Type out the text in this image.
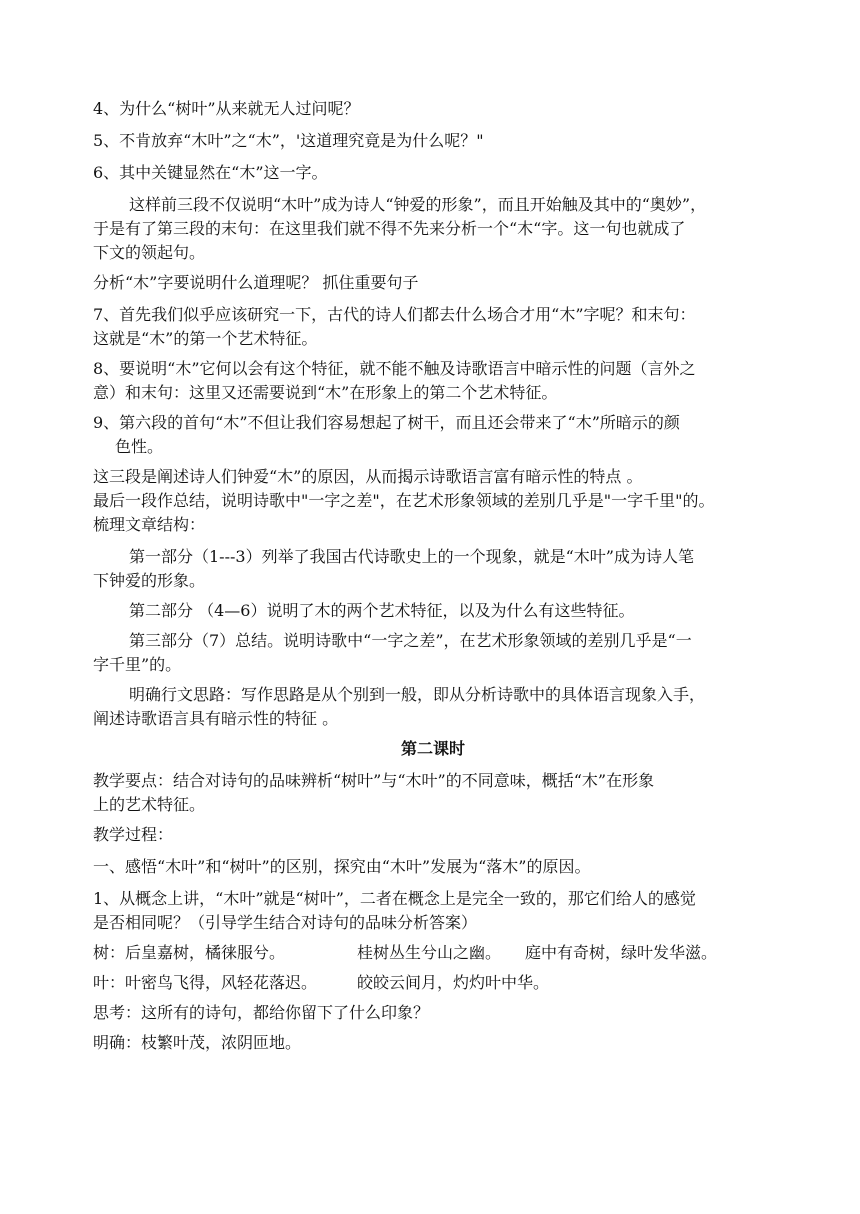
4、为什么“树叶”从来就无人过问呢？

5、不肯放弃“木叶”之“木”，'这道理究竟是为什么呢？"

6、其中关键显然在“木”这一字。

这样前三段不仅说明“木叶”成为诗人“钟爱的形象”，而且开始触及其中的“奥妙”，

于是有了第三段的末句：在这里我们就不得不先来分析一个“木“字。这一句也就成了

下文的领起句。

分析“木”字要说明什么道理呢？ 抓住重要句子

7、首先我们似乎应该研究一下，古代的诗人们都去什么场合才用“木”字呢？和末句：

这就是“木”的第一个艺术特征。

8、要说明“木”它何以会有这个特征，就不能不触及诗歌语言中暗示性的问题（言外之

意）和末句：这里又还需要说到“木”在形象上的第二个艺术特征。

9、第六段的首句“木”不但让我们容易想起了树干，而且还会带来了“木”所暗示的颜

色性。

这三段是阐述诗人们钟爱“木”的原因，从而揭示诗歌语言富有暗示性的特点 。

最后一段作总结，说明诗歌中"一字之差"，在艺术形象领域的差别几乎是"一字千里"的。

梳理文章结构：

第一部分（1---3）列举了我国古代诗歌史上的一个现象，就是“木叶”成为诗人笔

下钟爱的形象。

第二部分 （4—6）说明了木的两个艺术特征，以及为什么有这些特征。

第三部分（7）总结。说明诗歌中“一字之差”，在艺术形象领域的差别几乎是“一

字千里”的。

明确行文思路：写作思路是从个别到一般，即从分析诗歌中的具体语言现象入手，

阐述诗歌语言具有暗示性的特征 。

第二课时

教学要点：结合对诗句的品味辨析“树叶”与“木叶”的不同意味，概括“木”在形象

上的艺术特征。

教学过程：

一、感悟“木叶”和“树叶”的区别，探究由“木叶”发展为“落木”的原因。

1、从概念上讲，“木叶”就是“树叶”，二者在概念上是完全一致的，那它们给人的感觉

是否相同呢？（引导学生结合对诗句的品味分析答案）

树：后皇嘉树，橘徕服兮。　　　　　桂树丛生兮山之幽。　　庭中有奇树，绿叶发华滋。

叶：叶密鸟飞得，风轻花落迟。　　　皎皎云间月，灼灼叶中华。

思考：这所有的诗句，都给你留下了什么印象？

明确：枝繁叶茂，浓阴匝地。
